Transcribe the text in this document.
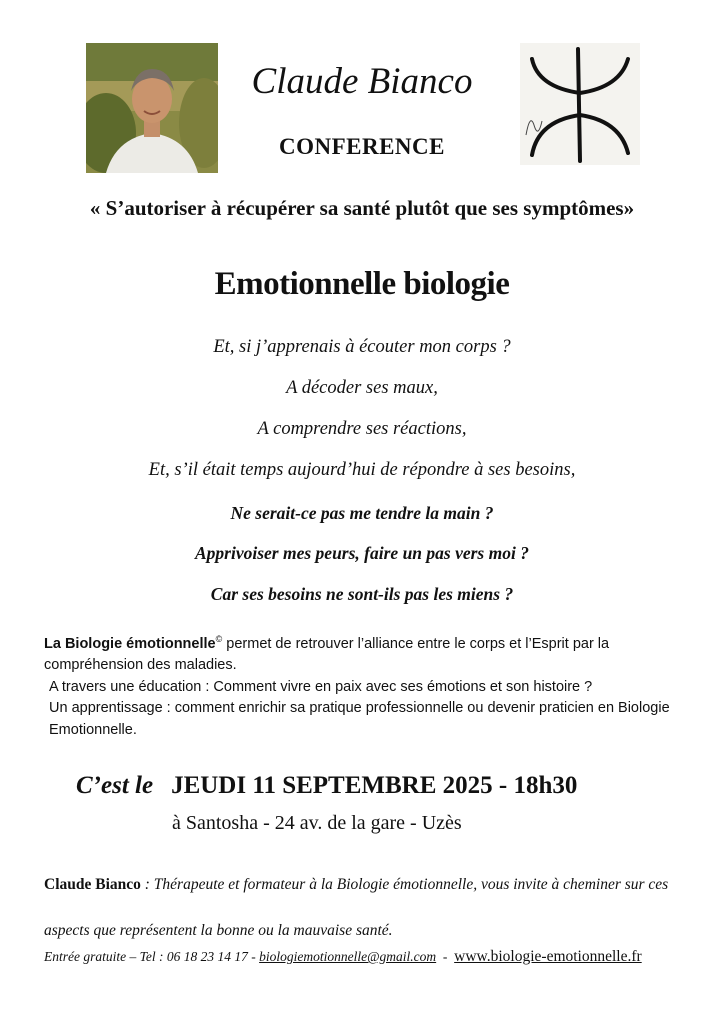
Claude Bianco
CONFERENCE
« S’autoriser à récupérer sa santé plutôt que ses symptômes»
Emotionnelle biologie
Et, si j’apprenais à écouter mon corps ?
A décoder ses maux,
A comprendre ses réactions,
Et, s’il était temps aujourd’hui de répondre à ses besoins,
Ne serait-ce pas me tendre la main ?
Apprivoiser mes peurs, faire un pas vers moi ?
Car ses besoins ne sont-ils pas les miens ?

La Biologie émotionnelle© permet de retrouver l’alliance entre le corps et l’Esprit par la compréhension des maladies.

A travers une éducation : Comment vivre en paix avec ses émotions et son histoire ?

Un apprentissage : comment enrichir sa pratique professionnelle ou devenir praticien en Biologie Emotionnelle.

C’est le JEUDI 11 SEPTEMBRE 2025 - 18h30
à Santosha - 24 av. de la gare - Uzès
Claude Bianco : Thérapeute et formateur à la Biologie émotionnelle, vous invite à cheminer sur ces aspects que représentent la bonne ou la mauvaise santé.
Entrée gratuite – Tel : 06 18 23 14 17 - biologiemotionnelle@gmail.com  -  www.biologie-emotionnelle.fr
